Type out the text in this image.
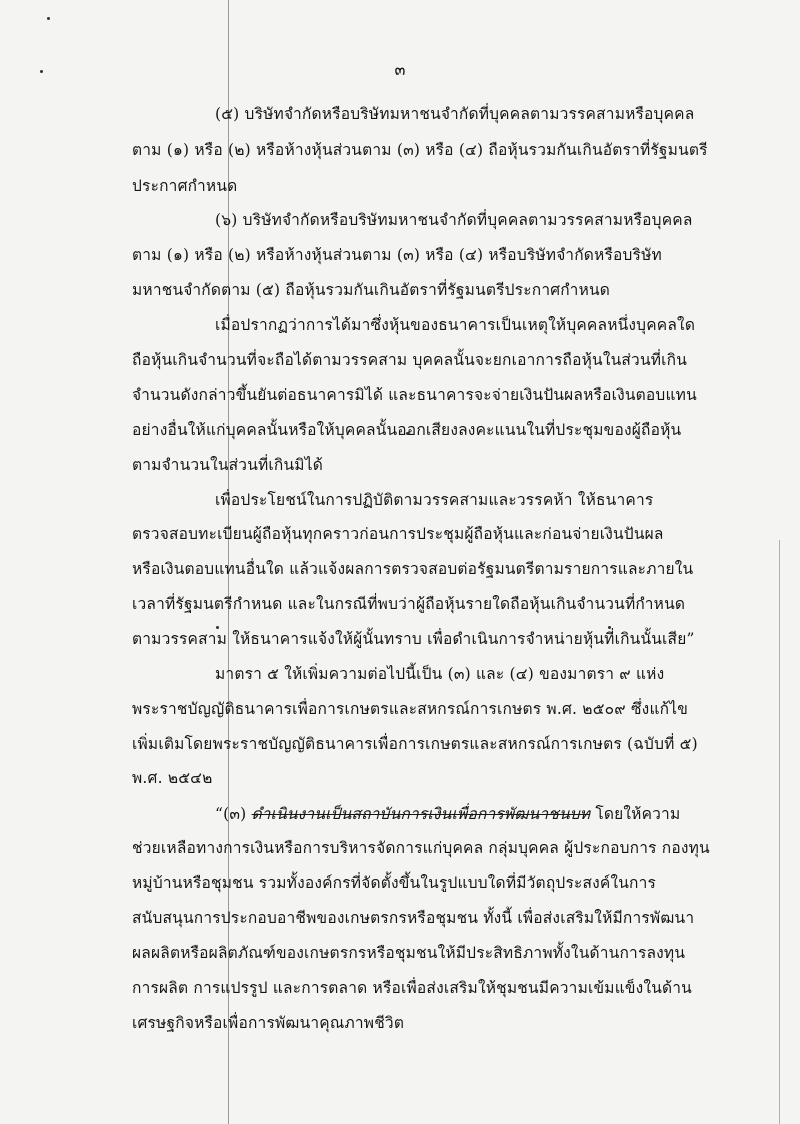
๓
(๕) บริษัทจำกัดหรือบริษัทมหาชนจำกัดที่บุคคลตามวรรคสามหรือบุคคล
ตาม (๑) หรือ (๒) หรือห้างหุ้นส่วนตาม (๓) หรือ (๔) ถือหุ้นรวมกันเกินอัตราที่รัฐมนตรี
ประกาศกำหนด
(๖) บริษัทจำกัดหรือบริษัทมหาชนจำกัดที่บุคคลตามวรรคสามหรือบุคคล
ตาม (๑) หรือ (๒) หรือห้างหุ้นส่วนตาม (๓) หรือ (๔) หรือบริษัทจำกัดหรือบริษัท
มหาชนจำกัดตาม (๕) ถือหุ้นรวมกันเกินอัตราที่รัฐมนตรีประกาศกำหนด
เมื่อปรากฏว่าการได้มาซึ่งหุ้นของธนาคารเป็นเหตุให้บุคคลหนึ่งบุคคลใด
ถือหุ้นเกินจำนวนที่จะถือได้ตามวรรคสาม บุคคลนั้นจะยกเอาการถือหุ้นในส่วนที่เกิน
จำนวนดังกล่าวขึ้นยันต่อธนาคารมิได้ และธนาคารจะจ่ายเงินปันผลหรือเงินตอบแทน
อย่างอื่นให้แก่บุคคลนั้นหรือให้บุคคลนั้นออกเสียงลงคะแนนในที่ประชุมของผู้ถือหุ้น
ตามจำนวนในส่วนที่เกินมิได้
เพื่อประโยชน์ในการปฏิบัติตามวรรคสามและวรรคห้า ให้ธนาคาร
ตรวจสอบทะเบียนผู้ถือหุ้นทุกคราวก่อนการประชุมผู้ถือหุ้นและก่อนจ่ายเงินปันผล
หรือเงินตอบแทนอื่นใด แล้วแจ้งผลการตรวจสอบต่อรัฐมนตรีตามรายการและภายใน
เวลาที่รัฐมนตรีกำหนด และในกรณีที่พบว่าผู้ถือหุ้นรายใดถือหุ้นเกินจำนวนที่กำหนด
ตามวรรคสาม ให้ธนาคารแจ้งให้ผู้นั้นทราบ เพื่อดำเนินการจำหน่ายหุ้นที่เกินนั้นเสีย”
มาตรา ๕ ให้เพิ่มความต่อไปนี้เป็น (๓) และ (๔) ของมาตรา ๙ แห่ง
พระราชบัญญัติธนาคารเพื่อการเกษตรและสหกรณ์การเกษตร พ.ศ. ๒๕๐๙ ซึ่งแก้ไข
เพิ่มเติมโดยพระราชบัญญัติธนาคารเพื่อการเกษตรและสหกรณ์การเกษตร (ฉบับที่ ๕)
พ.ศ. ๒๕๔๒
“(๓) ดำเนินงานเป็นสถาบันการเงินเพื่อการพัฒนาชนบท โดยให้ความ
ช่วยเหลือทางการเงินหรือการบริหารจัดการแก่บุคคล กลุ่มบุคคล ผู้ประกอบการ กองทุน
หมู่บ้านหรือชุมชน รวมทั้งองค์กรที่จัดตั้งขึ้นในรูปแบบใดที่มีวัตถุประสงค์ในการ
สนับสนุนการประกอบอาชีพของเกษตรกรหรือชุมชน ทั้งนี้ เพื่อส่งเสริมให้มีการพัฒนา
ผลผลิตหรือผลิตภัณฑ์ของเกษตรกรหรือชุมชนให้มีประสิทธิภาพทั้งในด้านการลงทุน
การผลิต การแปรรูป และการตลาด หรือเพื่อส่งเสริมให้ชุมชนมีความเข้มแข็งในด้าน
เศรษฐกิจหรือเพื่อการพัฒนาคุณภาพชีวิต
